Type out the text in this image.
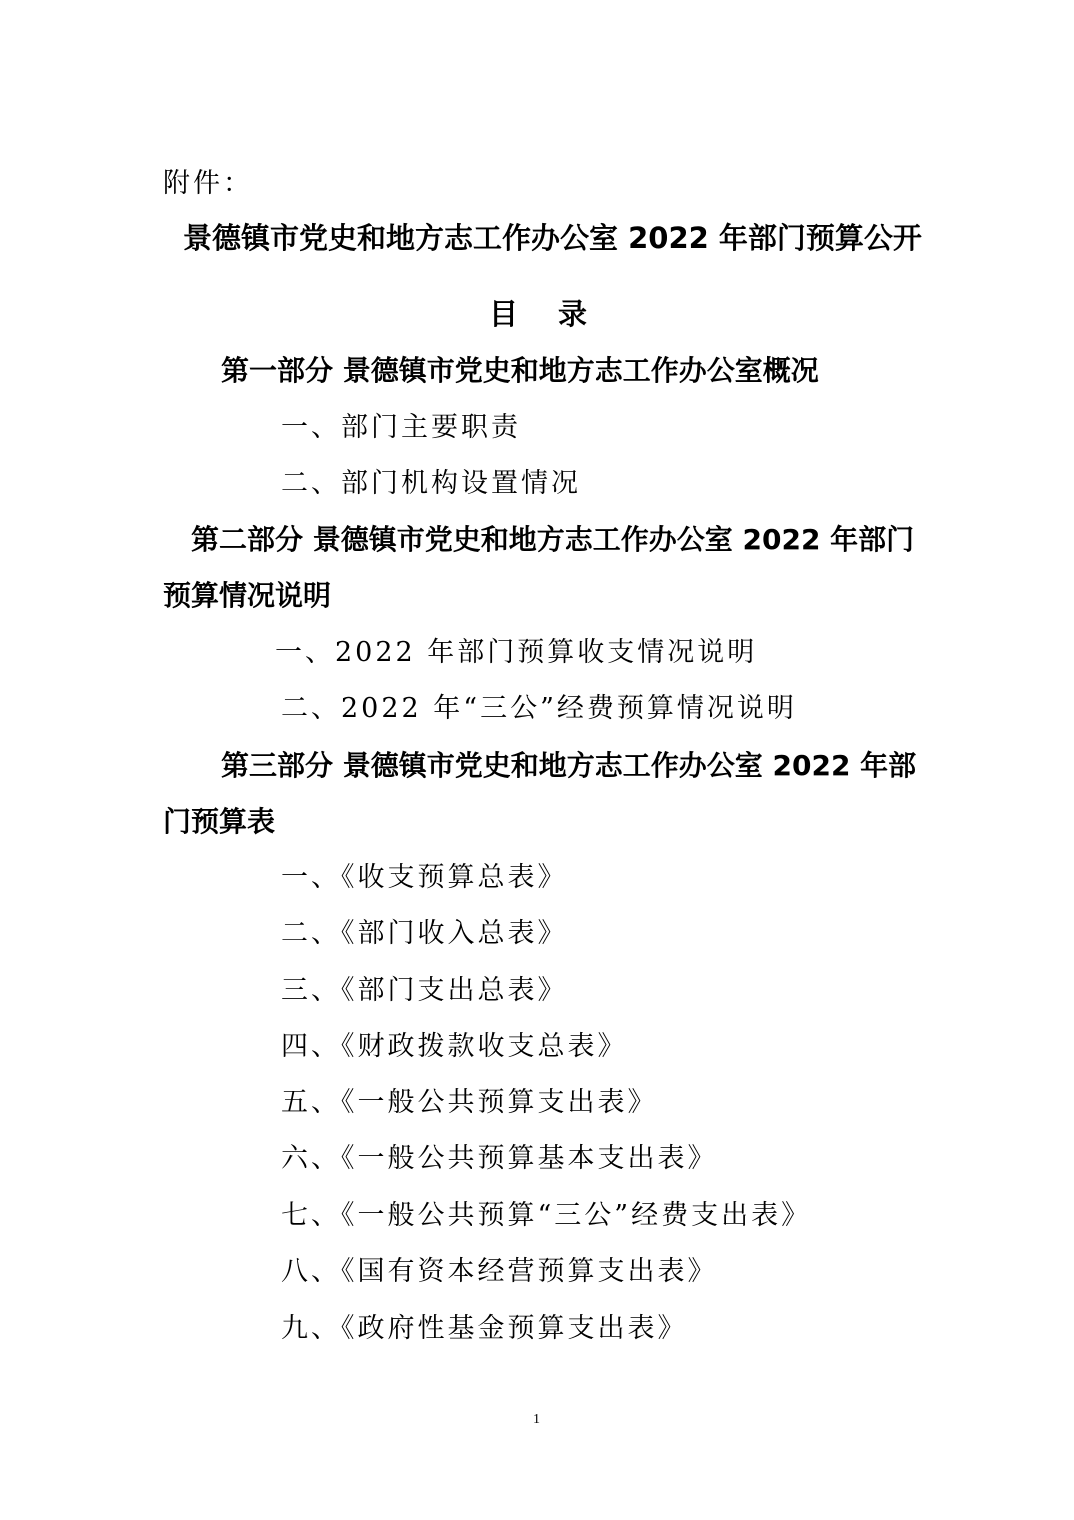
附件：
景德镇市党史和地方志工作办公室 2022 年部门预算公开
目 录
第一部分 景德镇市党史和地方志工作办公室概况
一、部门主要职责
二、部门机构设置情况
第二部分 景德镇市党史和地方志工作办公室 2022 年部门
预算情况说明
一、2022 年部门预算收支情况说明
二、2022 年“三公”经费预算情况说明
第三部分 景德镇市党史和地方志工作办公室 2022 年部
门预算表
一、《收支预算总表》
二、《部门收入总表》
三、《部门支出总表》
四、《财政拨款收支总表》
五、《一般公共预算支出表》
六、《一般公共预算基本支出表》
七、《一般公共预算“三公”经费支出表》
八、《国有资本经营预算支出表》
九、《政府性基金预算支出表》
1
